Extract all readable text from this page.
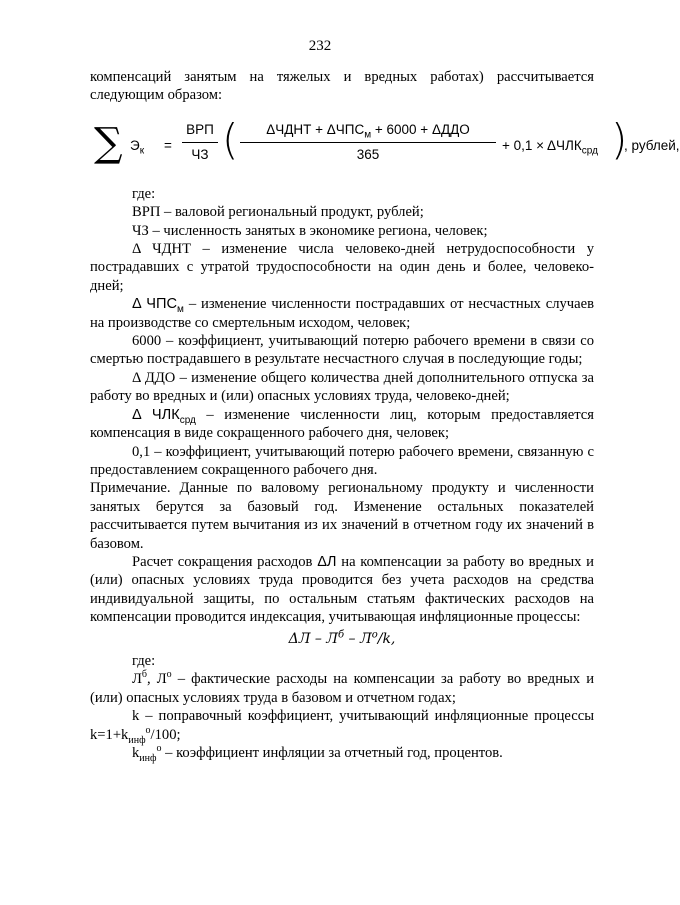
232

компенсаций занятым на тяжелых и вредных работах) рассчитывается следующим образом:

∑ $Э_к$ =
ВРП
ЧЗ (	ΔЧДНТ + $\Delta ЧПС_м + 6000 + \Delta ДДО$
365
+ $0,1 \times \Delta ЧЛК_{срд}$ )
, рублей,

где:

ВРП – валовой региональный продукт, рублей;

ЧЗ – численность занятых в экономике региона, человек;

Δ ЧДНТ – изменение числа человеко-дней нетрудоспособности у пострадавших с утратой трудоспособности на один день и более, человеко-дней;

Δ $ЧПС_м$ – изменение численности пострадавших от несчастных случаев на производстве со смертельным исходом, человек;

6000 – коэффициент, учитывающий потерю рабочего времени в связи со смертью пострадавшего в результате несчастного случая в последующие годы;

Δ ДДО – изменение общего количества дней дополнительного отпуска за работу во вредных и (или) опасных условиях труда, человеко-дней;

Δ $ЧЛК_{срд}$ – изменение численности лиц, которым предоставляется компенсация в виде сокращенного рабочего дня, человек;

0,1 – коэффициент, учитывающий потерю рабочего времени, связанную с предоставлением сокращенного рабочего дня.

Примечание. Данные по валовому региональному продукту и численности занятых берутся за базовый год. Изменение остальных показателей рассчитывается путем вычитания из их значений в отчетном году их значений в базовом.

Расчет сокращения расходов ΔЛ на компенсации за работу во вредных и (или) опасных условиях труда проводится без учета расходов на средства индивидуальной защиты, по остальным статьям фактических расходов на компенсации проводится индексация, учитывающая инфляционные процессы:

ΔЛ – $Л^б - Л^о/k$,

где:

$Л^б$, $Л^о$ – фактические расходы на компенсации за работу во вредных и (или) опасных условиях труда в базовом и отчетном годах;

k – поправочный коэффициент, учитывающий инфляционные процессы $k=1+k_{инф}^о/100$;

$k_{инф}^о$ – коэффициент инфляции за отчетный год, процентов.
